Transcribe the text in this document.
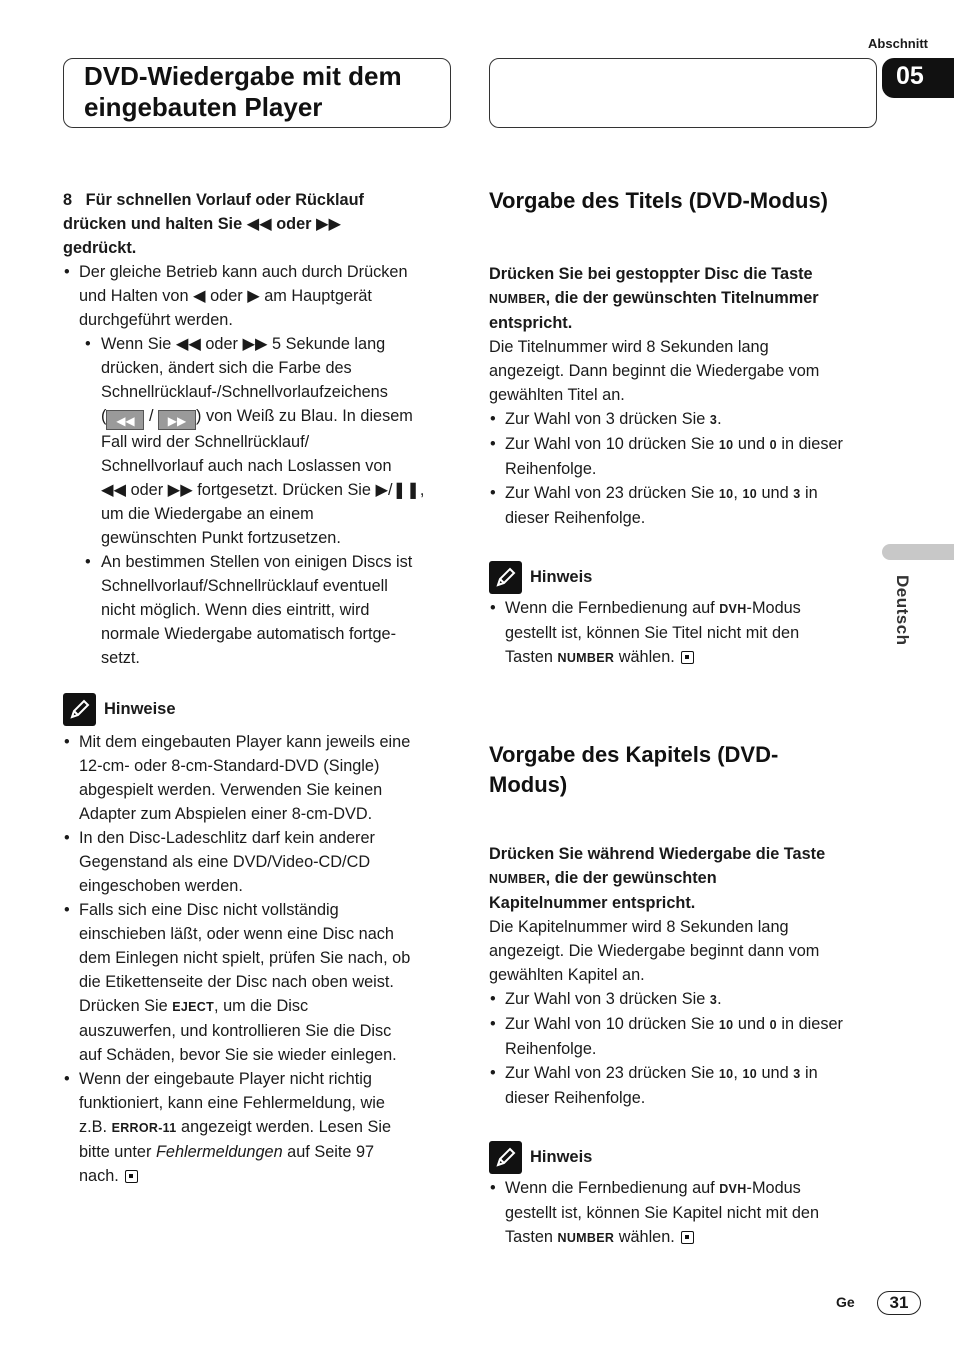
Abschnitt
05
DVD-Wiedergabe mit dem
eingebauten Player
Deutsch

8 Für schnellen Vorlauf oder Rücklauf
drücken und halten Sie ◀◀ oder ▶▶
gedrückt.

• Der gleiche Betrieb kann auch durch Drücken
und Halten von ◀ oder ▶ am Hauptgerät
durchgeführt werden.

• Wenn Sie ◀◀ oder ▶▶ 5 Sekunde lang
drücken, ändert sich die Farbe des
Schnellrücklauf-/Schnellvorlaufzeichens
( ◀◀ / ▶▶ ) von Weiß zu Blau. In diesem
Fall wird der Schnellrücklauf/
Schnellvorlauf auch nach Loslassen von
◀◀ oder ▶▶ fortgesetzt. Drücken Sie ▶/❚❚,
um die Wiedergabe an einem
gewünschten Punkt fortzusetzen.

• An bestimmen Stellen von einigen Discs ist
Schnellvorlauf/Schnellrücklauf eventuell
nicht möglich. Wenn dies eintritt, wird
normale Wiedergabe automatisch fortge-
setzt.

Hinweise

• Mit dem eingebauten Player kann jeweils eine
12-cm- oder 8-cm-Standard-DVD (Single)
abgespielt werden. Verwenden Sie keinen
Adapter zum Abspielen einer 8-cm-DVD.

• In den Disc-Ladeschlitz darf kein anderer
Gegenstand als eine DVD/Video-CD/CD
eingeschoben werden.

• Falls sich eine Disc nicht vollständig
einschieben läßt, oder wenn eine Disc nach
dem Einlegen nicht spielt, prüfen Sie nach, ob
die Etikettenseite der Disc nach oben weist.
Drücken Sie EJECT, um die Disc
auszuwerfen, und kontrollieren Sie die Disc
auf Schäden, bevor Sie sie wieder einlegen.

• Wenn der eingebaute Player nicht richtig
funktioniert, kann eine Fehlermeldung, wie
z.B. ERROR-11 angezeigt werden. Lesen Sie
bitte unter Fehlermeldungen auf Seite 97
nach.

Vorgabe des Titels (DVD-Modus)

Drücken Sie bei gestoppter Disc die Taste
NUMBER, die der gewünschten Titelnummer
entspricht.

Die Titelnummer wird 8 Sekunden lang
angezeigt. Dann beginnt die Wiedergabe vom
gewählten Titel an.

• Zur Wahl von 3 drücken Sie 3.

• Zur Wahl von 10 drücken Sie 10 und 0 in dieser
Reihenfolge.

• Zur Wahl von 23 drücken Sie 10, 10 und 3 in
dieser Reihenfolge.

Hinweis

• Wenn die Fernbedienung auf DVH-Modus
gestellt ist, können Sie Titel nicht mit den
Tasten NUMBER wählen.

Vorgabe des Kapitels (DVD-
Modus)

Drücken Sie während Wiedergabe die Taste
NUMBER, die der gewünschten
Kapitelnummer entspricht.

Die Kapitelnummer wird 8 Sekunden lang
angezeigt. Die Wiedergabe beginnt dann vom
gewählten Kapitel an.

• Zur Wahl von 3 drücken Sie 3.

• Zur Wahl von 10 drücken Sie 10 und 0 in dieser
Reihenfolge.

• Zur Wahl von 23 drücken Sie 10, 10 und 3 in
dieser Reihenfolge.

Hinweis

• Wenn die Fernbedienung auf DVH-Modus
gestellt ist, können Sie Kapitel nicht mit den
Tasten NUMBER wählen.

Ge	31
